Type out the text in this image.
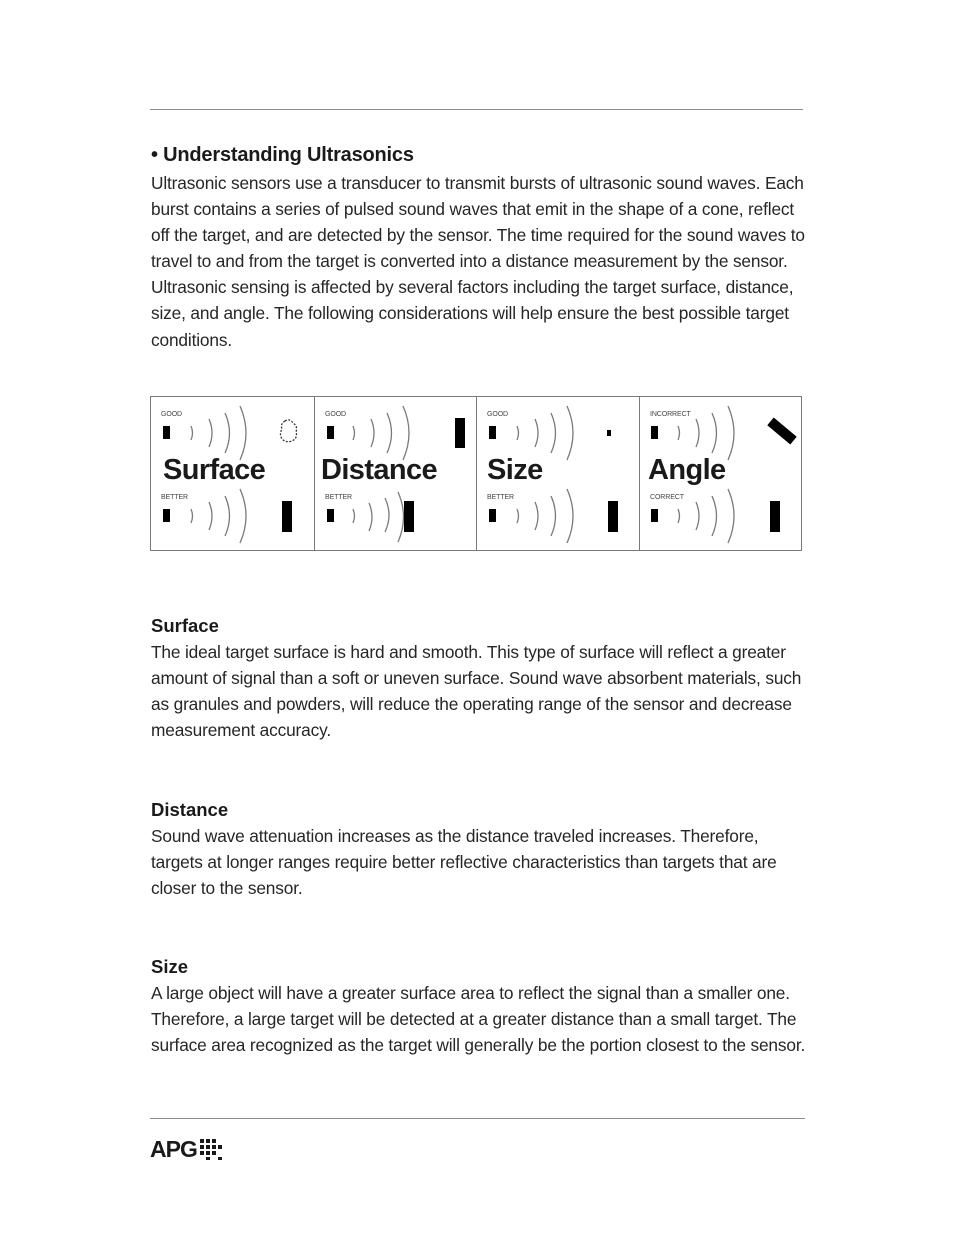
• Understanding Ultrasonics

Ultrasonic sensors use a transducer to transmit bursts of ultrasonic sound waves. Each burst contains a series of pulsed sound waves that emit in the shape of a cone, reflect off the target, and are detected by the sensor. The time required for the sound waves to travel to and from the target is converted into a distance measurement by the sensor. Ultrasonic sensing is affected by several factors including the target surface, distance, size, and angle. The following considerations will help ensure the best possible target conditions.

GOOD
BETTER
Surface
GOOD
BETTER
Distance
GOOD
BETTER
Size
INCORRECT
CORRECT
Angle
Surface

The ideal target surface is hard and smooth. This type of surface will reflect a greater amount of signal than a soft or uneven surface. Sound wave absorbent materials, such as granules and powders, will reduce the operating range of the sensor and decrease measurement accuracy.

Distance

Sound wave attenuation increases as the distance traveled increases. Therefore, targets at longer ranges require better reflective characteristics than targets that are closer to the sensor.

Size

A large object will have a greater surface area to reflect the signal than a smaller one. Therefore, a large target will be detected at a greater distance than a small target. The surface area recognized as the target will generally be the portion closest to the sensor.

APG
